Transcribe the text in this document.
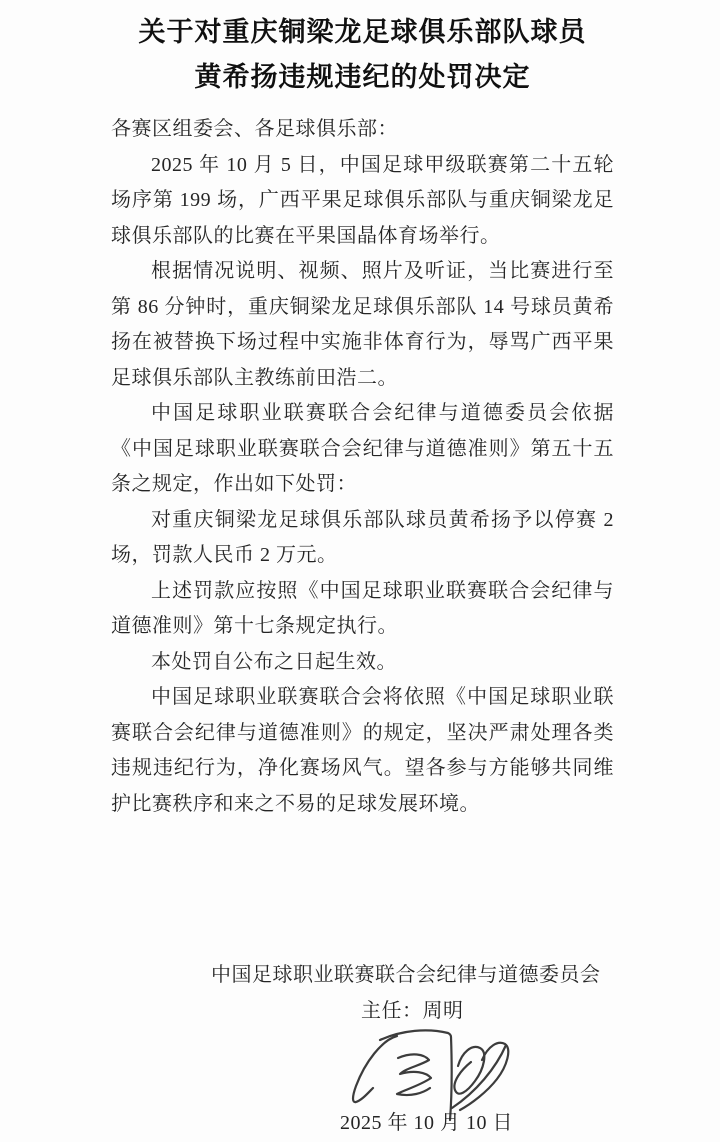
关于对重庆铜梁龙足球俱乐部队球员
黄希扬违规违纪的处罚决定

各赛区组委会、各足球俱乐部：

2025 年 10 月 5 日，中国足球甲级联赛第二十五轮场序第 199 场，广西平果足球俱乐部队与重庆铜梁龙足球俱乐部队的比赛在平果国晶体育场举行。

根据情况说明、视频、照片及听证，当比赛进行至第 86 分钟时，重庆铜梁龙足球俱乐部队 14 号球员黄希扬在被替换下场过程中实施非体育行为，辱骂广西平果足球俱乐部队主教练前田浩二。

中国足球职业联赛联合会纪律与道德委员会依据《中国足球职业联赛联合会纪律与道德准则》第五十五条之规定，作出如下处罚：

对重庆铜梁龙足球俱乐部队球员黄希扬予以停赛 2 场，罚款人民币 2 万元。

上述罚款应按照《中国足球职业联赛联合会纪律与道德准则》第十七条规定执行。

本处罚自公布之日起生效。

中国足球职业联赛联合会将依照《中国足球职业联赛联合会纪律与道德准则》的规定，坚决严肃处理各类违规违纪行为，净化赛场风气。望各参与方能够共同维护比赛秩序和来之不易的足球发展环境。

中国足球职业联赛联合会纪律与道德委员会
主任：周明
2025 年 10 月 10 日
